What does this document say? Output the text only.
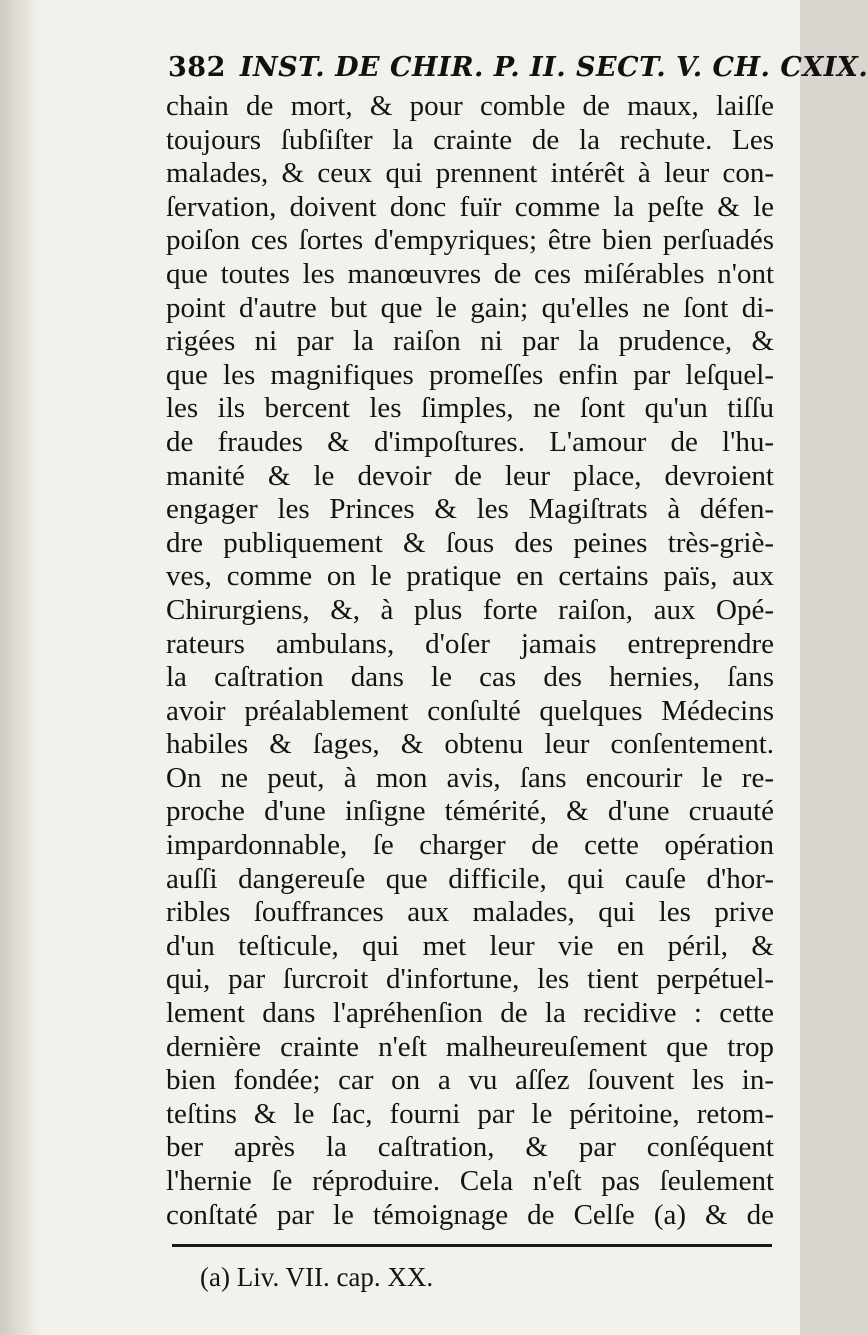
382 INST. DE CHIR. P. II. SECT. V. CH. CXIX.
chain de mort, & pour comble de maux, laiſſe
toujours ſubſiſter la crainte de la rechute. Les
malades, & ceux qui prennent intérêt à leur con-
ſervation, doivent donc fuïr comme la peſte & le
poiſon ces ſortes d'empyriques; être bien perſuadés
que toutes les manœuvres de ces miſérables n'ont
point d'autre but que le gain; qu'elles ne ſont di-
rigées ni par la raiſon ni par la prudence, &
que les magnifiques promeſſes enfin par leſquel-
les ils bercent les ſimples, ne ſont qu'un tiſſu
de fraudes & d'impoſtures. L'amour de l'hu-
manité & le devoir de leur place, devroient
engager les Princes & les Magiſtrats à défen-
dre publiquement & ſous des peines très-griè-
ves, comme on le pratique en certains païs, aux
Chirurgiens, &, à plus forte raiſon, aux Opé-
rateurs ambulans, d'oſer jamais entreprendre
la caſtration dans le cas des hernies, ſans
avoir préalablement conſulté quelques Médecins
habiles & ſages, & obtenu leur conſentement.
On ne peut, à mon avis, ſans encourir le re-
proche d'une inſigne témérité, & d'une cruauté
impardonnable, ſe charger de cette opération
auſſi dangereuſe que difficile, qui cauſe d'hor-
ribles ſouffrances aux malades, qui les prive
d'un teſticule, qui met leur vie en péril, &
qui, par ſurcroit d'infortune, les tient perpétuel-
lement dans l'apréhenſion de la recidive : cette
dernière crainte n'eſt malheureuſement que trop
bien fondée; car on a vu aſſez ſouvent les in-
teſtins & le ſac, fourni par le péritoine, retom-
ber après la caſtration, & par conſéquent
l'hernie ſe réproduire. Cela n'eſt pas ſeulement
conſtaté par le témoignage de Celſe (a) & de
(a) Liv. VII. cap. XX.
